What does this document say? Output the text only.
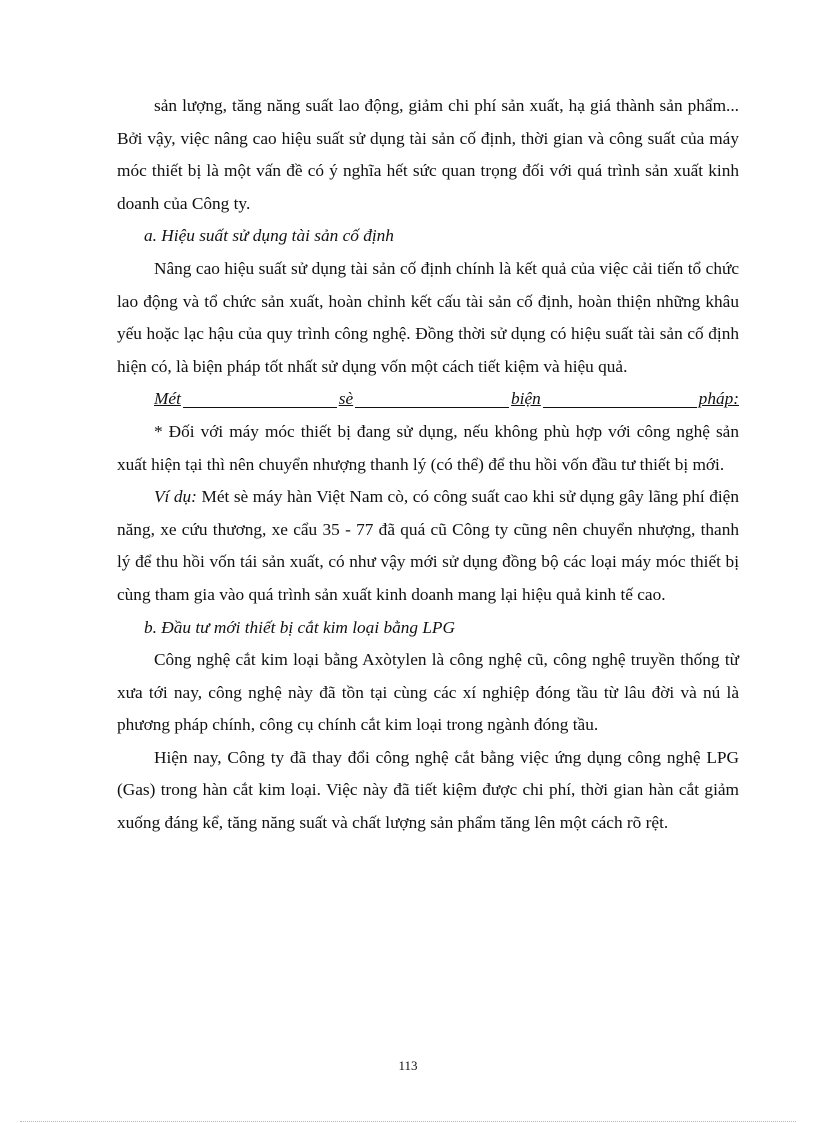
sản lượng, tăng năng suất lao động, giảm chi phí sản xuất, hạ giá thành sản phẩm... Bởi vậy, việc nâng cao hiệu suất sử dụng tài sản cố định, thời gian và công suất của máy móc thiết bị là một vấn đề có ý nghĩa hết sức quan trọng đối với quá trình sản xuất kinh doanh của Công ty.

a. Hiệu suất sử dụng tài sản cố định

Nâng cao hiệu suất sử dụng tài sản cố định chính là kết quả của việc cải tiến tổ chức lao động và tổ chức sản xuất, hoàn chỉnh kết cấu tài sản cố định, hoàn thiện những khâu yếu hoặc lạc hậu của quy trình công nghệ. Đồng thời sử dụng có hiệu suất tài sản cố định hiện có, là biện pháp tốt nhất sử dụng vốn một cách tiết kiệm và hiệu quả.

Mét	sè	biện	pháp:

* Đối với máy móc thiết bị đang sử dụng, nếu không phù hợp với công nghệ sản xuất hiện tại thì nên chuyển nhượng thanh lý (có thể) để thu hồi vốn đầu tư thiết bị mới.

Ví dụ: Mét sè máy hàn Việt Nam cò, có công suất cao khi sử dụng gây lãng phí điện năng, xe cứu thương, xe cẩu 35 - 77 đã quá cũ Công ty cũng nên chuyển nhượng, thanh lý để thu hồi vốn tái sản xuất, có như vậy mới sử dụng đồng bộ các loại máy móc thiết bị cùng tham gia vào quá trình sản xuất kinh doanh mang lại hiệu quả kinh tế cao.

b. Đầu tư mới thiết bị cắt kim loại bằng LPG

Công nghệ cắt kim loại bằng Axòtylen là công nghệ cũ, công nghệ truyền thống từ xưa tới nay, công nghệ này đã tồn tại cùng các xí nghiệp đóng tầu từ lâu đời và nú là phương pháp chính, công cụ chính cắt kim loại trong ngành đóng tầu.

Hiện nay, Công ty đã thay đổi công nghệ cắt bằng việc ứng dụng công nghệ LPG (Gas) trong hàn cắt kim loại. Việc này đã tiết kiệm được chi phí, thời gian hàn cắt giảm xuống đáng kể, tăng năng suất và chất lượng sản phẩm tăng lên một cách rõ rệt.

113
